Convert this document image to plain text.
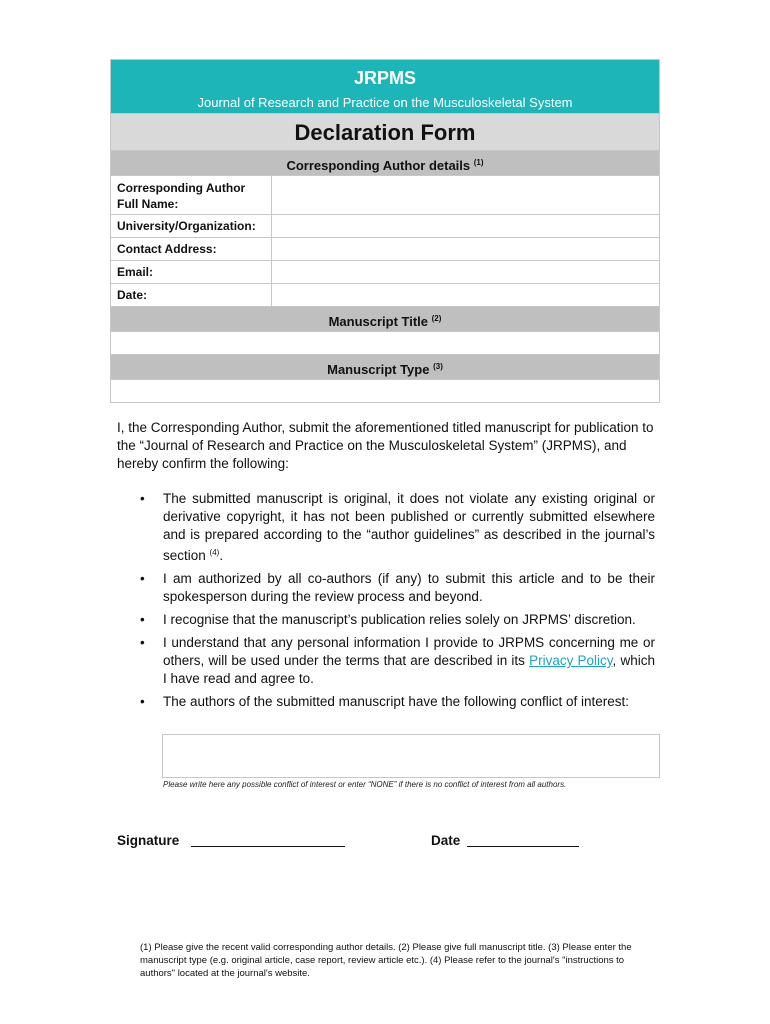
JRPMS
Journal of Research and Practice on the Musculoskeletal System
Declaration Form
Corresponding Author details $^{(1)}$
Corresponding Author Full Name:
University/Organization:
Contact Address:
Email:
Date:
Manuscript Title $^{(2)}$
Manuscript Type $^{(3)}$
I, the Corresponding Author, submit the aforementioned titled manuscript for publication to the “Journal of Research and Practice on the Musculoskeletal System” (JRPMS), and hereby confirm the following:
• The submitted manuscript is original, it does not violate any existing original or derivative copyright, it has not been published or currently submitted elsewhere and is prepared according to the “author guidelines” as described in the journal’s section $^{(4)}$.
• I am authorized by all co-authors (if any) to submit this article and to be their spokesperson during the review process and beyond.
• I recognise that the manuscript’s publication relies solely on JRPMS’ discretion.
• I understand that any personal information I provide to JRPMS concerning me or others, will be used under the terms that are described in its Privacy Policy, which I have read and agree to.
• The authors of the submitted manuscript have the following conflict of interest:
Please write here any possible conflict of interest or enter “NONE” if there is no conflict of interest from all authors.
Signature	Date
(1) Please give the recent valid corresponding author details. (2) Please give full manuscript title. (3) Please enter the manuscript type (e.g. original article, case report, review article etc.). (4) Please refer to the journal's "instructions to authors" located at the journal's website.
